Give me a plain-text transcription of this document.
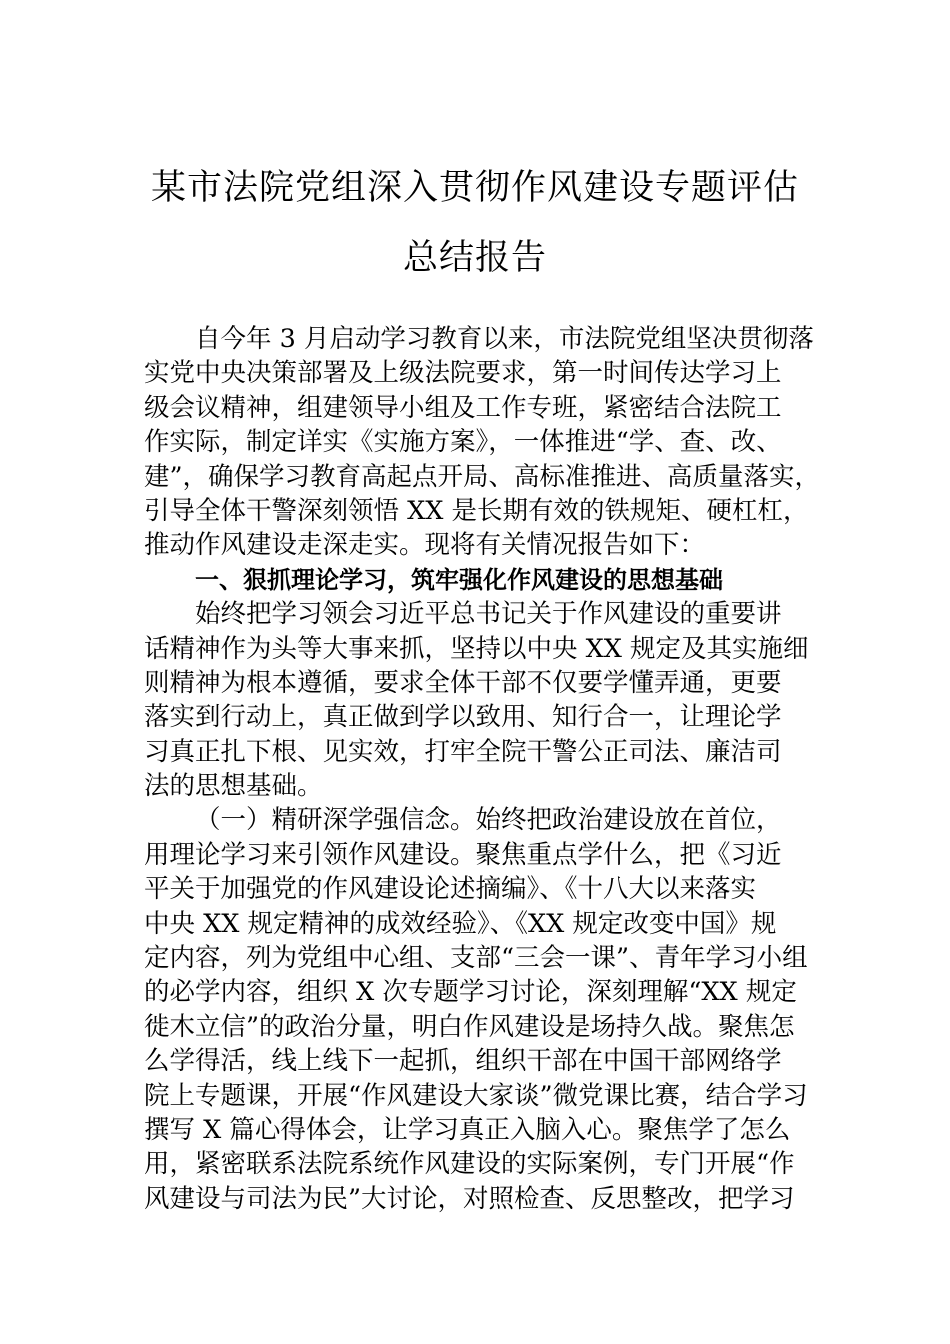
某市法院党组深入贯彻作风建设专题评估
总结报告
自今年 3 月启动学习教育以来，市法院党组坚决贯彻落
实党中央决策部署及上级法院要求，第一时间传达学习上
级会议精神，组建领导小组及工作专班，紧密结合法院工
作实际，制定详实《实施方案》，一体推进“学、查、改、
建”，确保学习教育高起点开局、高标准推进、高质量落实，
引导全体干警深刻领悟 XX 是长期有效的铁规矩、硬杠杠，
推动作风建设走深走实。现将有关情况报告如下：
一、狠抓理论学习，筑牢强化作风建设的思想基础
始终把学习领会习近平总书记关于作风建设的重要讲
话精神作为头等大事来抓，坚持以中央 XX 规定及其实施细
则精神为根本遵循，要求全体干部不仅要学懂弄通，更要
落实到行动上，真正做到学以致用、知行合一，让理论学
习真正扎下根、见实效，打牢全院干警公正司法、廉洁司
法的思想基础。
（一）精研深学强信念。始终把政治建设放在首位，
用理论学习来引领作风建设。聚焦重点学什么，把《习近
平关于加强党的作风建设论述摘编》、《十八大以来落实
中央 XX 规定精神的成效经验》、《XX 规定改变中国》规
定内容，列为党组中心组、支部“三会一课”、青年学习小组
的必学内容，组织 X 次专题学习讨论，深刻理解“XX 规定
徙木立信”的政治分量，明白作风建设是场持久战。聚焦怎
么学得活，线上线下一起抓，组织干部在中国干部网络学
院上专题课，开展“作风建设大家谈”微党课比赛，结合学习
撰写 X 篇心得体会，让学习真正入脑入心。聚焦学了怎么
用，紧密联系法院系统作风建设的实际案例，专门开展“作
风建设与司法为民”大讨论，对照检查、反思整改，把学习
